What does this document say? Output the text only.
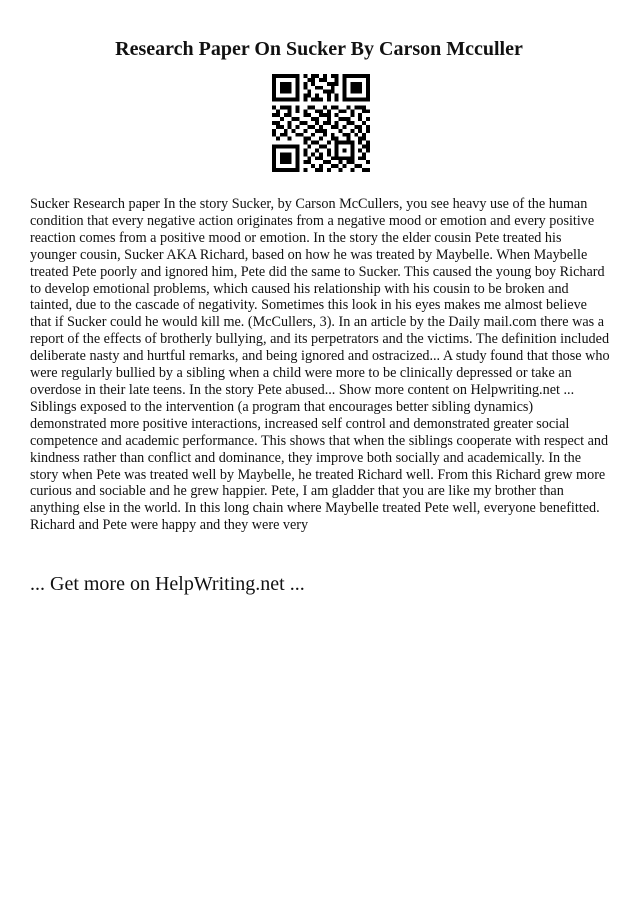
Research Paper On Sucker By Carson Mcculler

Sucker Research paper In the story Sucker, by Carson McCullers, you see heavy use of the human condition that every negative action originates from a negative mood or emotion and every positive reaction comes from a positive mood or emotion. In the story the elder cousin Pete treated his younger cousin, Sucker AKA Richard, based on how he was treated by Maybelle. When Maybelle treated Pete poorly and ignored him, Pete did the same to Sucker. This caused the young boy Richard to develop emotional problems, which caused his relationship with his cousin to be broken and tainted, due to the cascade of negativity. Sometimes this look in his eyes makes me almost believe that if Sucker could he would kill me. (McCullers, 3). In an article by the Daily mail.com there was a report of the effects of brotherly bullying, and its perpetrators and the victims. The definition included deliberate nasty and hurtful remarks, and being ignored and ostracized... A study found that those who were regularly bullied by a sibling when a child were more to be clinically depressed or take an overdose in their late teens. In the story Pete abused... Show more content on Helpwriting.net ...

Siblings exposed to the intervention (a program that encourages better sibling dynamics) demonstrated more positive interactions, increased self control and demonstrated greater social competence and academic performance. This shows that when the siblings cooperate with respect and kindness rather than conflict and dominance, they improve both socially and academically. In the story when Pete was treated well by Maybelle, he treated Richard well. From this Richard grew more curious and sociable and he grew happier. Pete, I am gladder that you are like my brother than anything else in the world. In this long chain where Maybelle treated Pete well, everyone benefitted. Richard and Pete were happy and they were very

... Get more on HelpWriting.net ...
